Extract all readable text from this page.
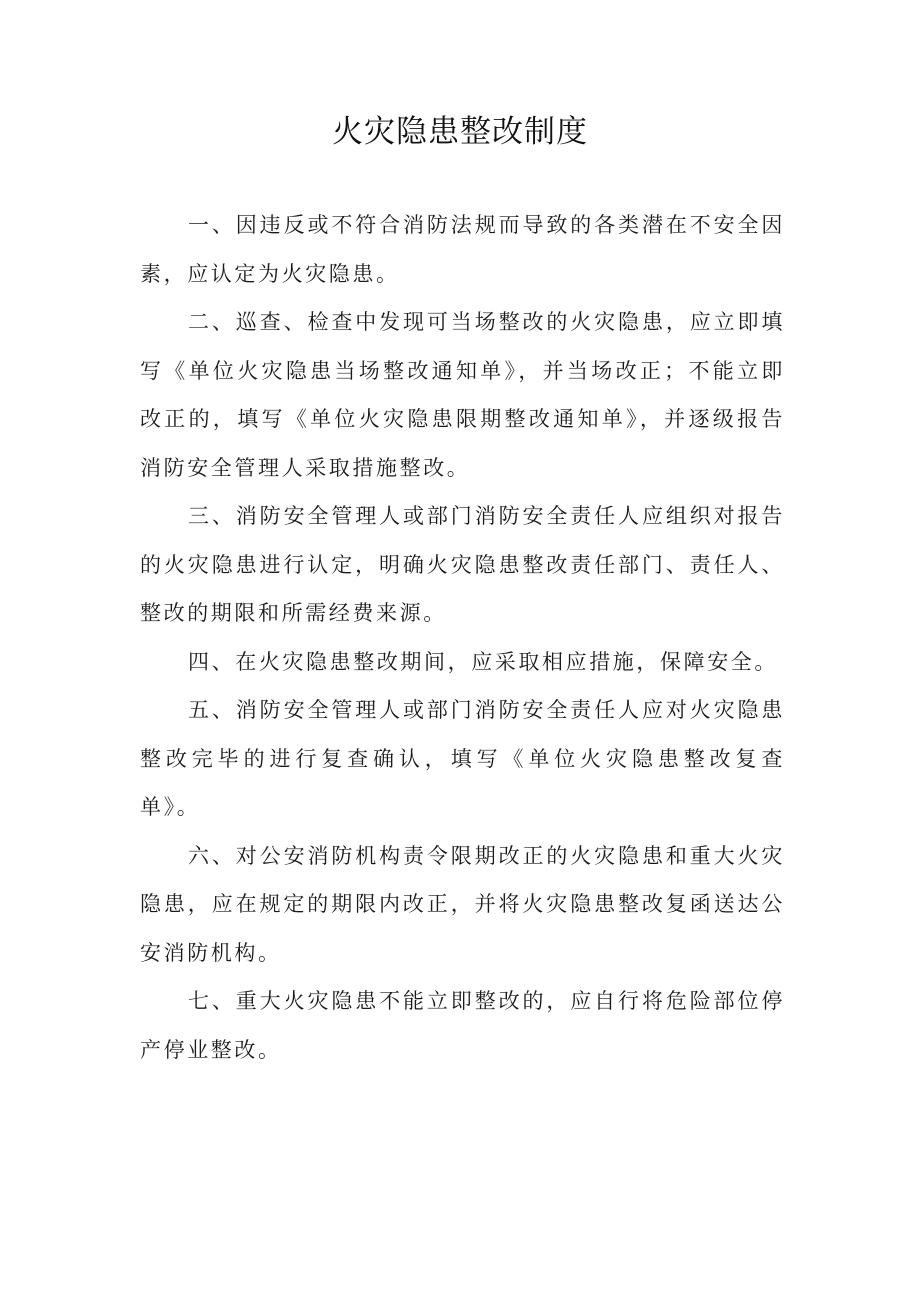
火灾隐患整改制度

一、因违反或不符合消防法规而导致的各类潜在不安全因素，应认定为火灾隐患。

二、巡查、检查中发现可当场整改的火灾隐患，应立即填写《单位火灾隐患当场整改通知单》，并当场改正；不能立即改正的，填写《单位火灾隐患限期整改通知单》，并逐级报告消防安全管理人采取措施整改。

三、消防安全管理人或部门消防安全责任人应组织对报告的火灾隐患进行认定，明确火灾隐患整改责任部门、责任人、整改的期限和所需经费来源。

四、在火灾隐患整改期间，应采取相应措施，保障安全。

五、消防安全管理人或部门消防安全责任人应对火灾隐患整改完毕的进行复查确认，填写《单位火灾隐患整改复查单》。

六、对公安消防机构责令限期改正的火灾隐患和重大火灾隐患，应在规定的期限内改正，并将火灾隐患整改复函送达公安消防机构。

七、重大火灾隐患不能立即整改的，应自行将危险部位停产停业整改。
